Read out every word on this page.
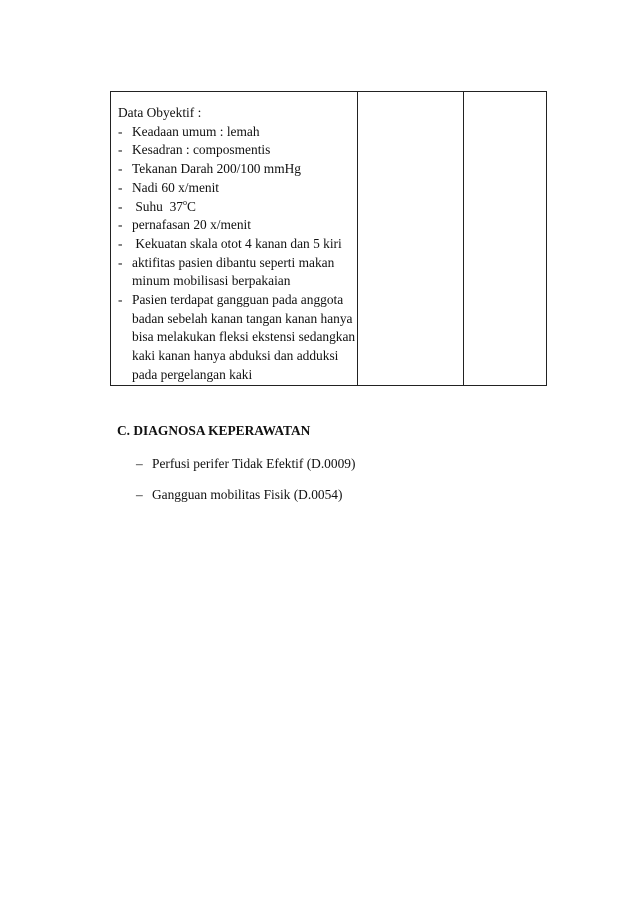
Data Obyektif :
- Keadaan umum : lemah
- Kesadran : composmentis
- Tekanan Darah 200/100 mmHg
- Nadi 60 x/menit
- Suhu  37$^o$C
- pernafasan 20 x/menit
- Kekuatan skala otot 4 kanan dan 5 kiri
- aktifitas pasien dibantu seperti makan
minum mobilisasi berpakaian
- Pasien terdapat gangguan pada anggota
badan sebelah kanan tangan kanan hanya
bisa melakukan fleksi ekstensi sedangkan
kaki kanan hanya abduksi dan adduksi
pada pergelangan kaki

C. DIAGNOSA KEPERAWATAN
– Perfusi perifer Tidak Efektif (D.0009)
– Gangguan mobilitas Fisik (D.0054)
